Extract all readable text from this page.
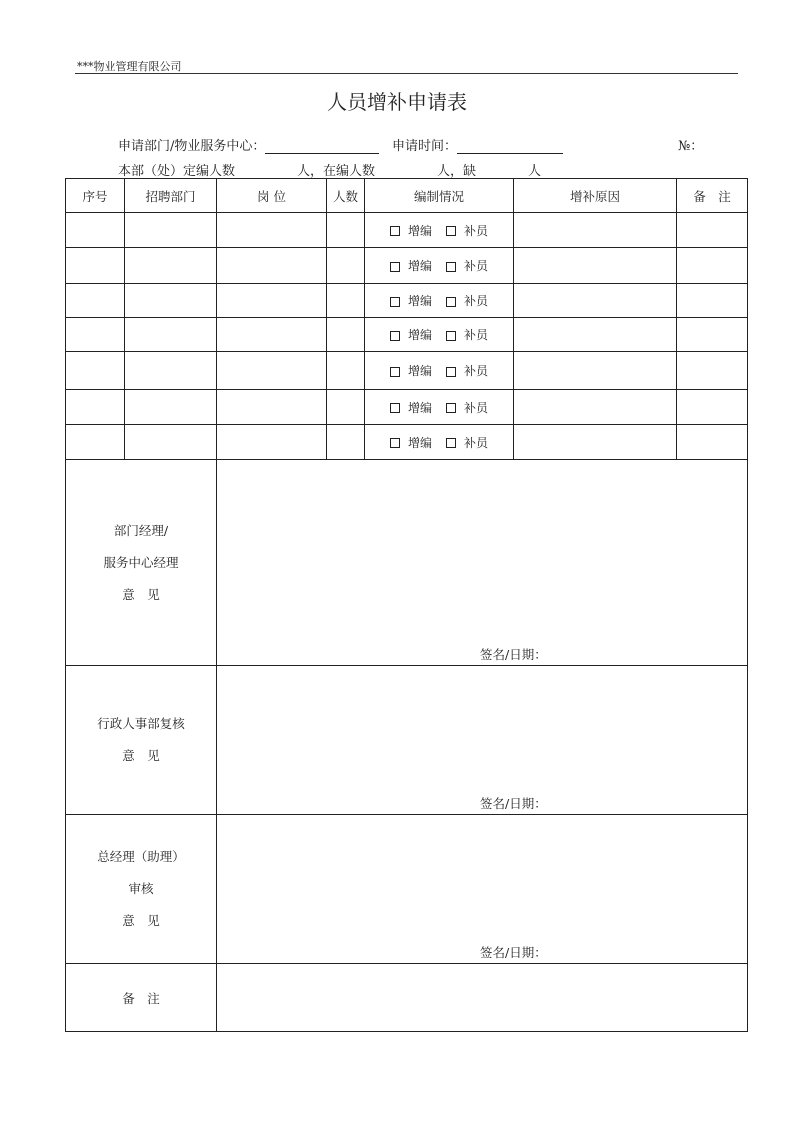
***物业管理有限公司
人员增补申请表
申请部门/物业服务中心：	申请时间：	№：
本部（处）定编人数	人，在编人数	人，缺	人
序号	招聘部门	岗 位	人数	编制情况	增补原因	备　注
				增编 补员		
				增编 补员		
				增编 补员		
				增编 补员		
				增编 补员		
				增编 补员		
				增编 补员		

部门经理/
服务中心经理
意　见		签名/日期：				

行政人事部复核
意　见		签名/日期：				

总经理（助理）
审核
意　见		签名/日期：				

备　注						
